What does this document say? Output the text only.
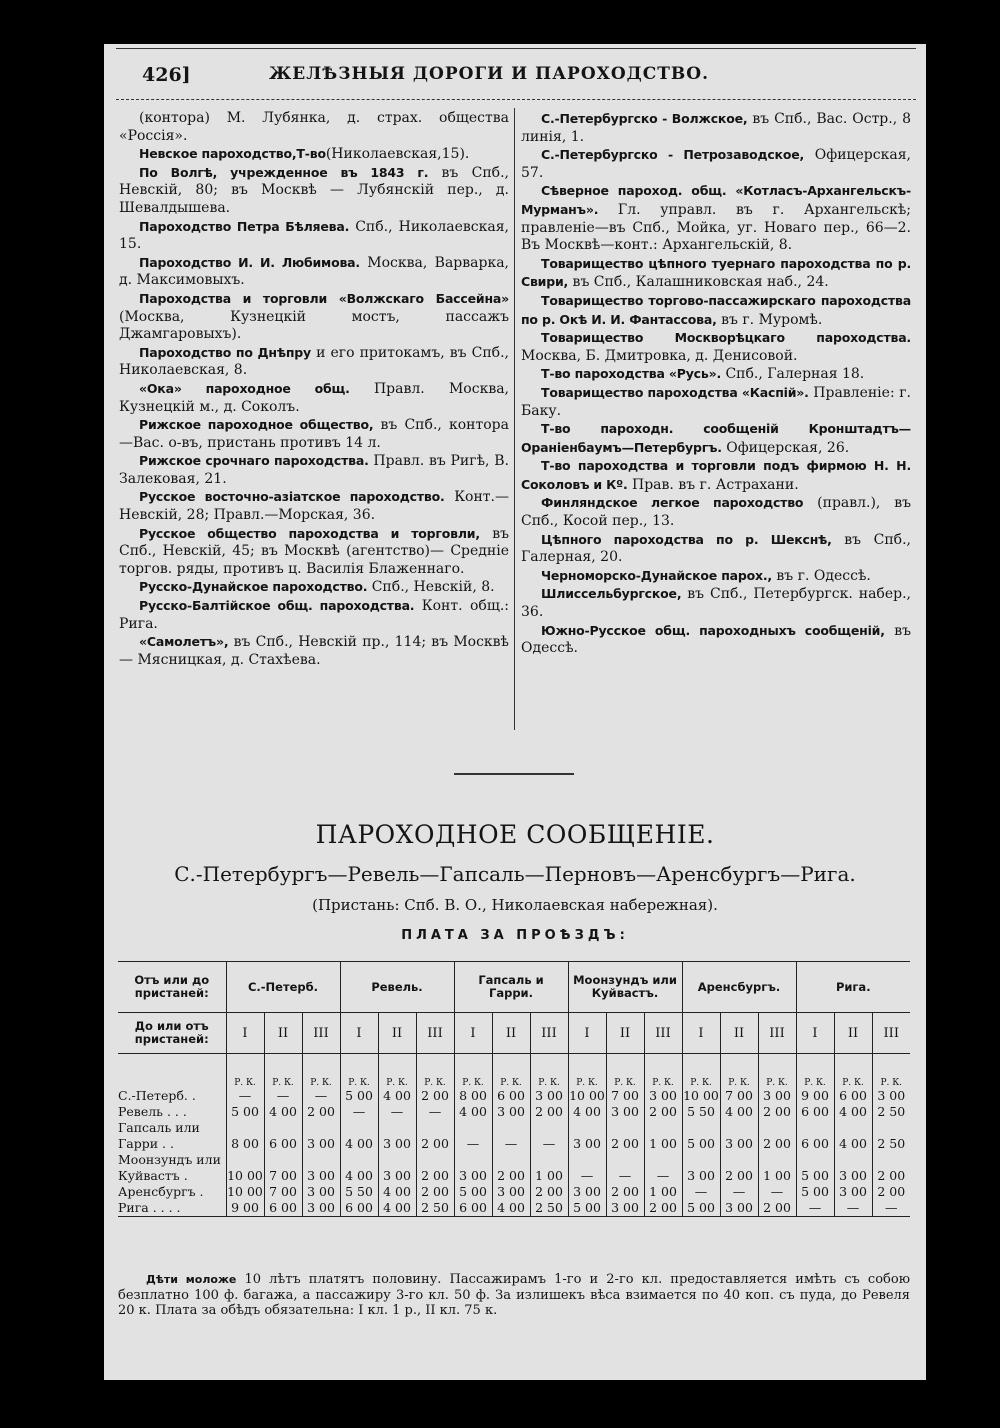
426]	ЖЕЛѢЗНЫЯ ДОРОГИ И ПАРОХОДСТВО.

(контора) М. Лубянка, д. страх. общества «Россія».

Невское пароходство,Т-во(Николаевская,15).

По Волгѣ, учрежденное въ 1843 г. въ Спб., Невскій, 80; въ Москвѣ — Лубянскій пер., д. Шевалдышева.

Пароходство Петра Бѣляева. Спб., Николаевская, 15.

Пароходство И. И. Любимова. Москва, Варварка, д. Максимовыхъ.

Пароходства и торговли «Волжскаго Бассейна» (Москва, Кузнецкій мостъ, пассажъ Джамгаровыхъ).

Пароходство по Днѣпру и его притокамъ, въ Спб., Николаевская, 8.

«Ока» пароходное общ. Правл. Москва, Кузнецкій м., д. Соколъ.

Рижское пароходное общество, въ Спб., контора—Вас. о-въ, пристань противъ 14 л.

Рижское срочнаго пароходства. Правл. въ Ригѣ, В. Залековая, 21.

Русское восточно-азіатское пароходство. Конт.—Невскій, 28; Правл.—Морская, 36.

Русское общество пароходства и торговли, въ Спб., Невскій, 45; въ Москвѣ (агентство)— Средніе торгов. ряды, противъ ц. Василія Блаженнаго.

Русско-Дунайское пароходство. Спб., Невскій, 8.

Русско-Балтійское общ. пароходства. Конт. общ.: Рига.

«Самолетъ», въ Спб., Невскій пр., 114; въ Москвѣ — Мясницкая, д. Стахѣева.

С.-Петербургско - Волжское, въ Спб., Вас. Остр., 8 линія, 1.

С.-Петербургско - Петрозаводское, Офицерская, 57.

Сѣверное пароход. общ. «Котласъ-Архангельскъ-Мурманъ». Гл. управл. въ г. Архангельскѣ; правленіе—въ Спб., Мойка, уг. Новаго пер., 66—2. Въ Москвѣ—конт.: Архангельскій, 8.

Товарищество цѣпного туернаго пароходства по р. Свири, въ Спб., Калашниковская наб., 24.

Товарищество торгово-пассажирскаго пароходства по р. Окѣ И. И. Фантассова, въ г. Муромѣ.

Товарищество Москворѣцкаго пароходства. Москва, Б. Дмитровка, д. Денисовой.

Т-во пароходства «Русь». Спб., Галерная 18.

Товарищество пароходства «Каспій». Правленіе: г. Баку.

Т-во пароходн. сообщеній Кронштадтъ—Ораніенбаумъ—Петербургъ. Офицерская, 26.

Т-во пароходства и торговли подъ фирмою Н. Н. Соколовъ и Кº. Прав. въ г. Астрахани.

Финляндское легкое пароходство (правл.), въ Спб., Косой пер., 13.

Цѣпного пароходства по р. Шекснѣ, въ Спб., Галерная, 20.

Черноморско-Дунайское парох., въ г. Одессѣ.

Шлиссельбургское, въ Спб., Петербургск. набер., 36.

Южно-Русское общ. пароходныхъ сообщеній, въ Одессѣ.

ПАРОХОДНОЕ СООБЩЕНІЕ.
С.-Петербургъ—Ревель—Гапсаль—Перновъ—Аренсбургъ—Рига.
(Пристань: Спб. В. О., Николаевская набережная).
ПЛАТА ЗА ПРОѢЗДЪ:
Отъ или до пристаней:	С.-Петерб.			Ревель.			Гапсаль и Гарри.			Моонзундъ или Куйвастъ.			Аренсбургъ.			Рига.		
До или отъ пристаней:	I	II	III	I	II	III	I	II	III	I	II	III	I	II	III	I	II	III
	Р. К.	Р. К.	Р. К.	Р. К.	Р. К.	Р. К.	Р. К.	Р. К.	Р. К.	Р. К.	Р. К.	Р. К.	Р. К.	Р. К.	Р. К.	Р. К.	Р. К.	Р. К.
С.-Петерб. .	—	—	—	5 00	4 00	2 00	8 00	6 00	3 00	10 00	7 00	3 00	10 00	7 00	3 00	9 00	6 00	3 00
Ревель . . .	5 00	4 00	2 00	—	—	—	4 00	3 00	2 00	4 00	3 00	2 00	5 50	4 00	2 00	6 00	4 00	2 50
Гапсаль или
Гарри . .	8 00	6 00	3 00	4 00	3 00	2 00	—	—	—	3 00	2 00	1 00	5 00	3 00	2 00	6 00	4 00	2 50
Моонзундъ или
Куйвастъ .	10 00	7 00	3 00	4 00	3 00	2 00	3 00	2 00	1 00	—	—	—	3 00	2 00	1 00	5 00	3 00	2 00
Аренсбургъ .	10 00	7 00	3 00	5 50	4 00	2 00	5 00	3 00	2 00	3 00	2 00	1 00	—	—	—	5 00	3 00	2 00
Рига . . . .	9 00	6 00	3 00	6 00	4 00	2 50	6 00	4 00	2 50	5 00	3 00	2 00	5 00	3 00	2 00	—	—	—
Дѣти моложе 10 лѣтъ платятъ половину. Пассажирамъ 1-го и 2-го кл. предоставляется имѣть съ собою безплатно 100 ф. багажа, а пассажиру 3-го кл. 50 ф. За излишекъ вѣса взимается по 40 коп. съ пуда, до Ревеля 20 к. Плата за обѣдъ обязательна: I кл. 1 р., II кл. 75 к.
